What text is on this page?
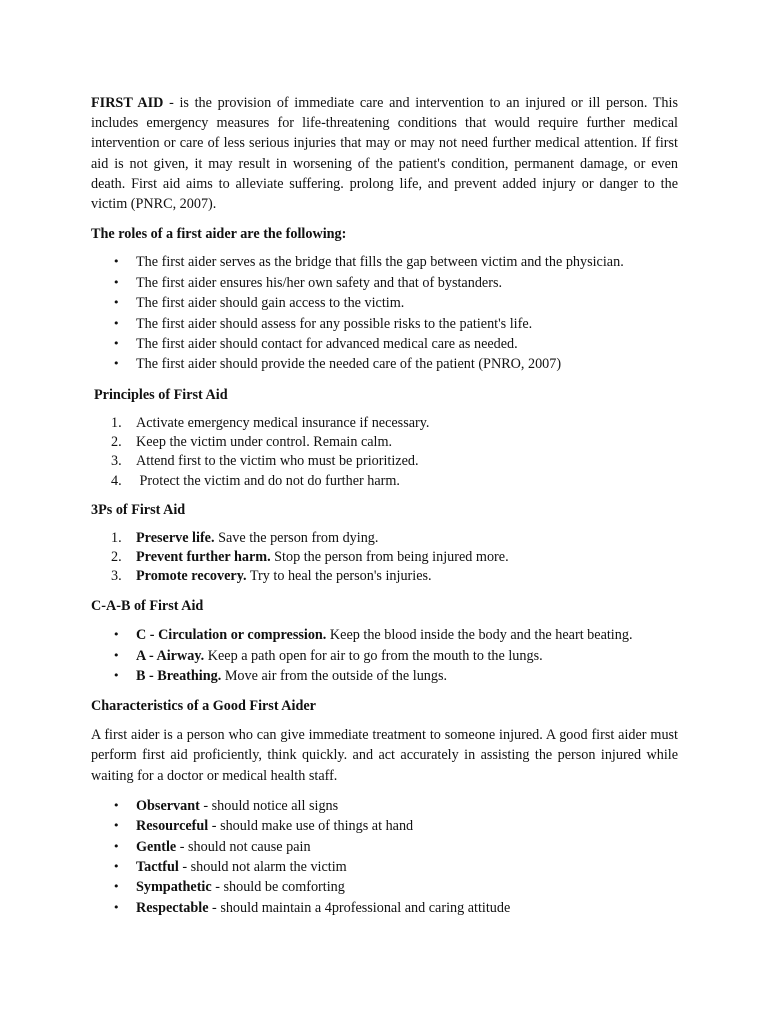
FIRST AID - is the provision of immediate care and intervention to an injured or ill person. This includes emergency measures for life-threatening conditions that would require further medical intervention or care of less serious injuries that may or may not need further medical attention. If first aid is not given, it may result in worsening of the patient's condition, permanent damage, or even death. First aid aims to alleviate suffering. prolong life, and prevent added injury or danger to the victim (PNRC, 2007).

The roles of a first aider are the following:
• The first aider serves as the bridge that fills the gap between victim and the physician.
• The first aider ensures his/her own safety and that of bystanders.
• The first aider should gain access to the victim.
• The first aider should assess for any possible risks to the patient's life.
• The first aider should contact for advanced medical care as needed.
• The first aider should provide the needed care of the patient (PNRO, 2007)
Principles of First Aid
1. Activate emergency medical insurance if necessary.
2. Keep the victim under control. Remain calm.
3. Attend first to the victim who must be prioritized.
4. Protect the victim and do not do further harm.
3Ps of First Aid
1. Preserve life. Save the person from dying.
2. Prevent further harm. Stop the person from being injured more.
3. Promote recovery. Try to heal the person's injuries.
C-A-B of First Aid
• C - Circulation or compression. Keep the blood inside the body and the heart beating.
• A - Airway. Keep a path open for air to go from the mouth to the lungs.
• B - Breathing. Move air from the outside of the lungs.
Characteristics of a Good First Aider

A first aider is a person who can give immediate treatment to someone injured. A good first aider must perform first aid proficiently, think quickly. and act accurately in assisting the person injured while waiting for a doctor or medical health staff.

• Observant - should notice all signs
• Resourceful - should make use of things at hand
• Gentle - should not cause pain
• Tactful - should not alarm the victim
• Sympathetic - should be comforting
• Respectable - should maintain a 4professional and caring attitude
